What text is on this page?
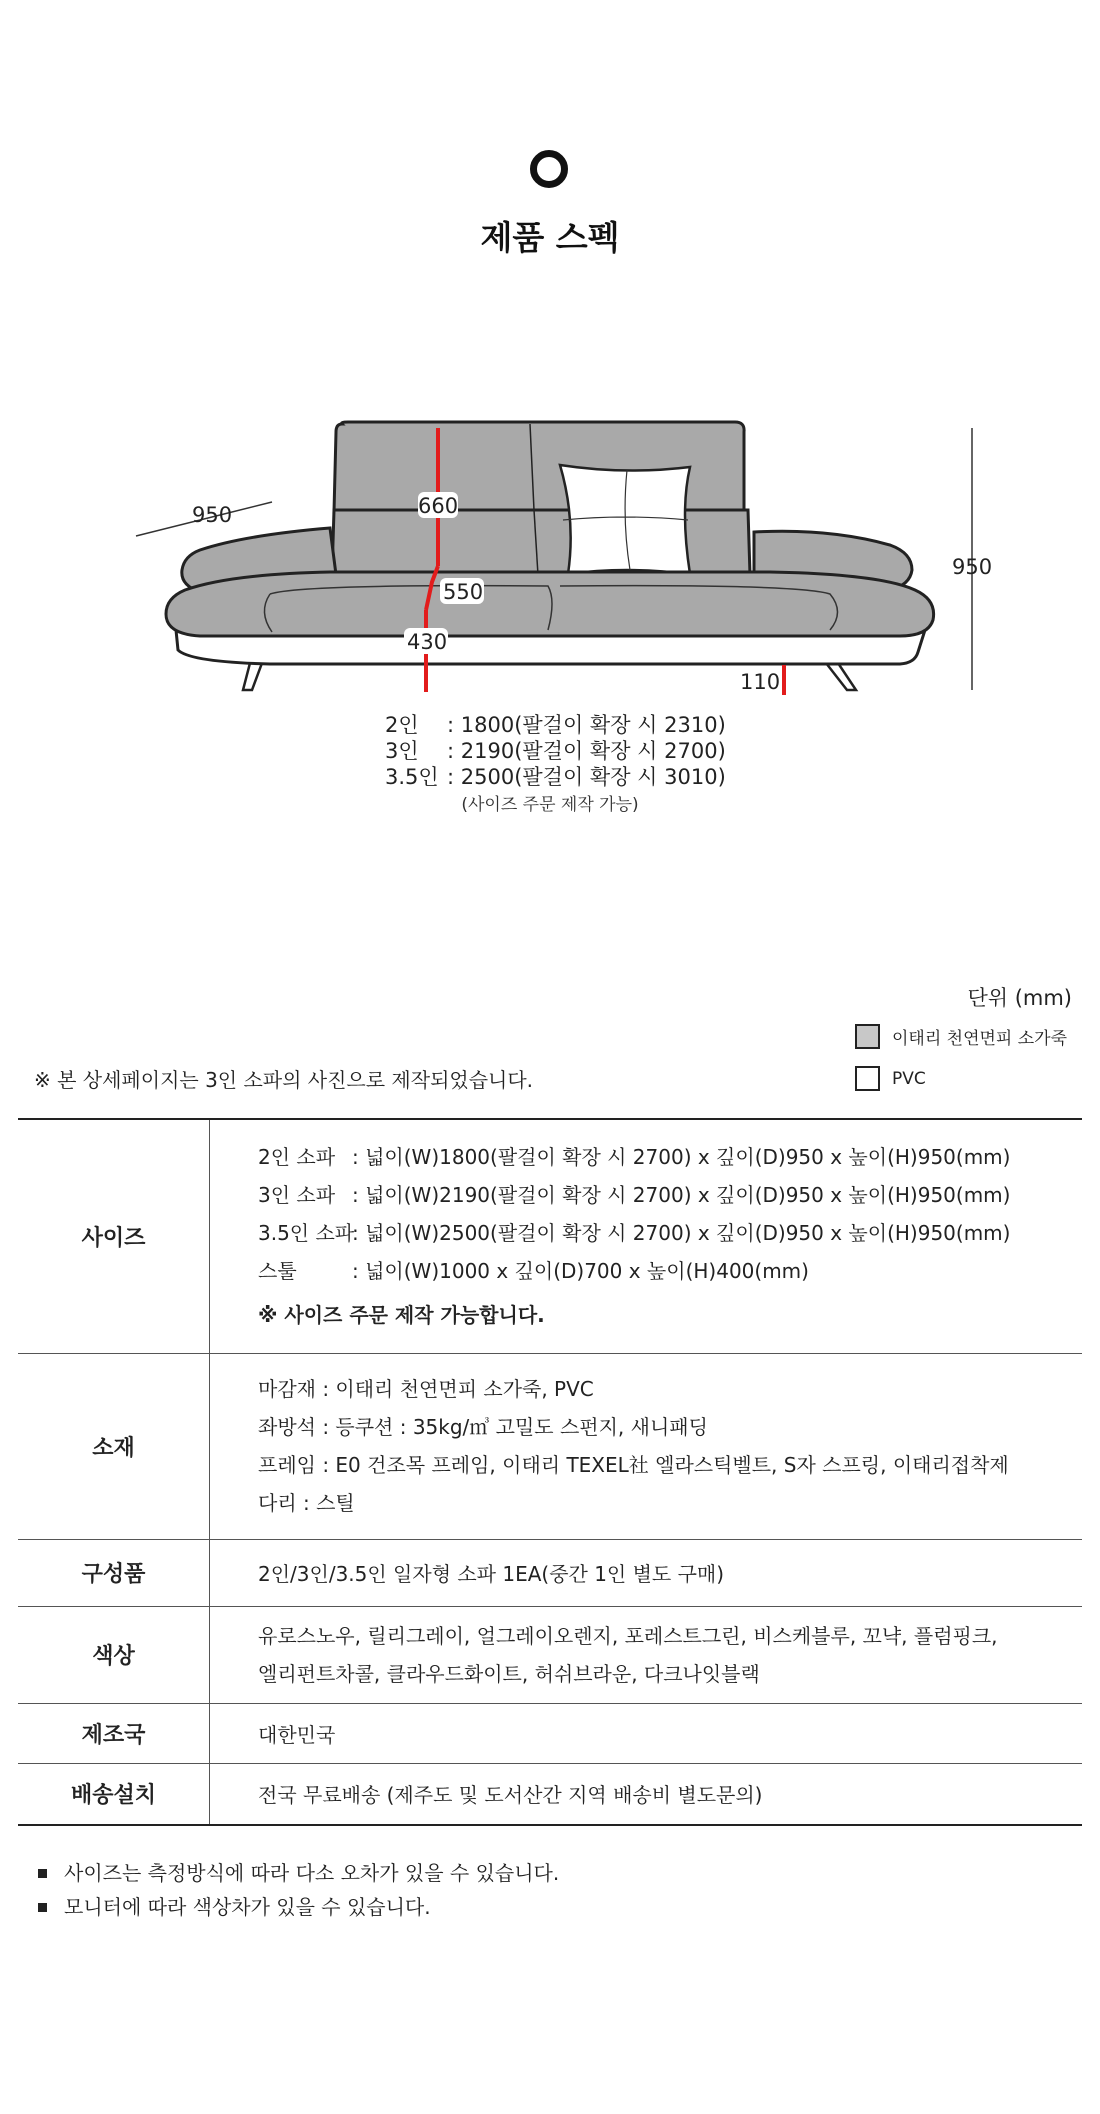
제품 스펙
950
950
660
550
430
110
2인 : 1800(팔걸이 확장 시 2310)
3인 : 2190(팔걸이 확장 시 2700)
3.5인 : 2500(팔걸이 확장 시 3010)
(사이즈 주문 제작 가능)
단위 (mm)
이태리 천연면피 소가죽
PVC
※ 본 상세페이지는 3인 소파의 사진으로 제작되었습니다.
사이즈	2인 소파 : 넓이(W)1800(팔걸이 확장 시 2700) x 깊이(D)950 x 높이(H)950(mm)
3인 소파 : 넓이(W)2190(팔걸이 확장 시 2700) x 깊이(D)950 x 높이(H)950(mm)
3.5인 소파: 넓이(W)2500(팔걸이 확장 시 2700) x 깊이(D)950 x 높이(H)950(mm)
스툴 : 넓이(W)1000 x 깊이(D)700 x 높이(H)400(mm)
※ 사이즈 주문 제작 가능합니다.

소재	마감재 : 이태리 천연면피 소가죽, PVC
좌방석 : 등쿠션 : 35kg/㎥ 고밀도 스펀지, 새니패딩
프레임 : E0 건조목 프레임, 이태리 TEXEL社 엘라스틱벨트, S자 스프링, 이태리접착제
다리 : 스틸

구성품	2인/3인/3.5인 일자형 소파 1EA(중간 1인 별도 구매)
색상	유로스노우, 릴리그레이, 얼그레이오렌지, 포레스트그린, 비스케블루, 꼬냑, 플럼핑크,
엘리펀트차콜, 클라우드화이트, 허쉬브라운, 다크나잇블랙

제조국	대한민국
배송설치	전국 무료배송 (제주도 및 도서산간 지역 배송비 별도문의)
사이즈는 측정방식에 따라 다소 오차가 있을 수 있습니다.
모니터에 따라 색상차가 있을 수 있습니다.
